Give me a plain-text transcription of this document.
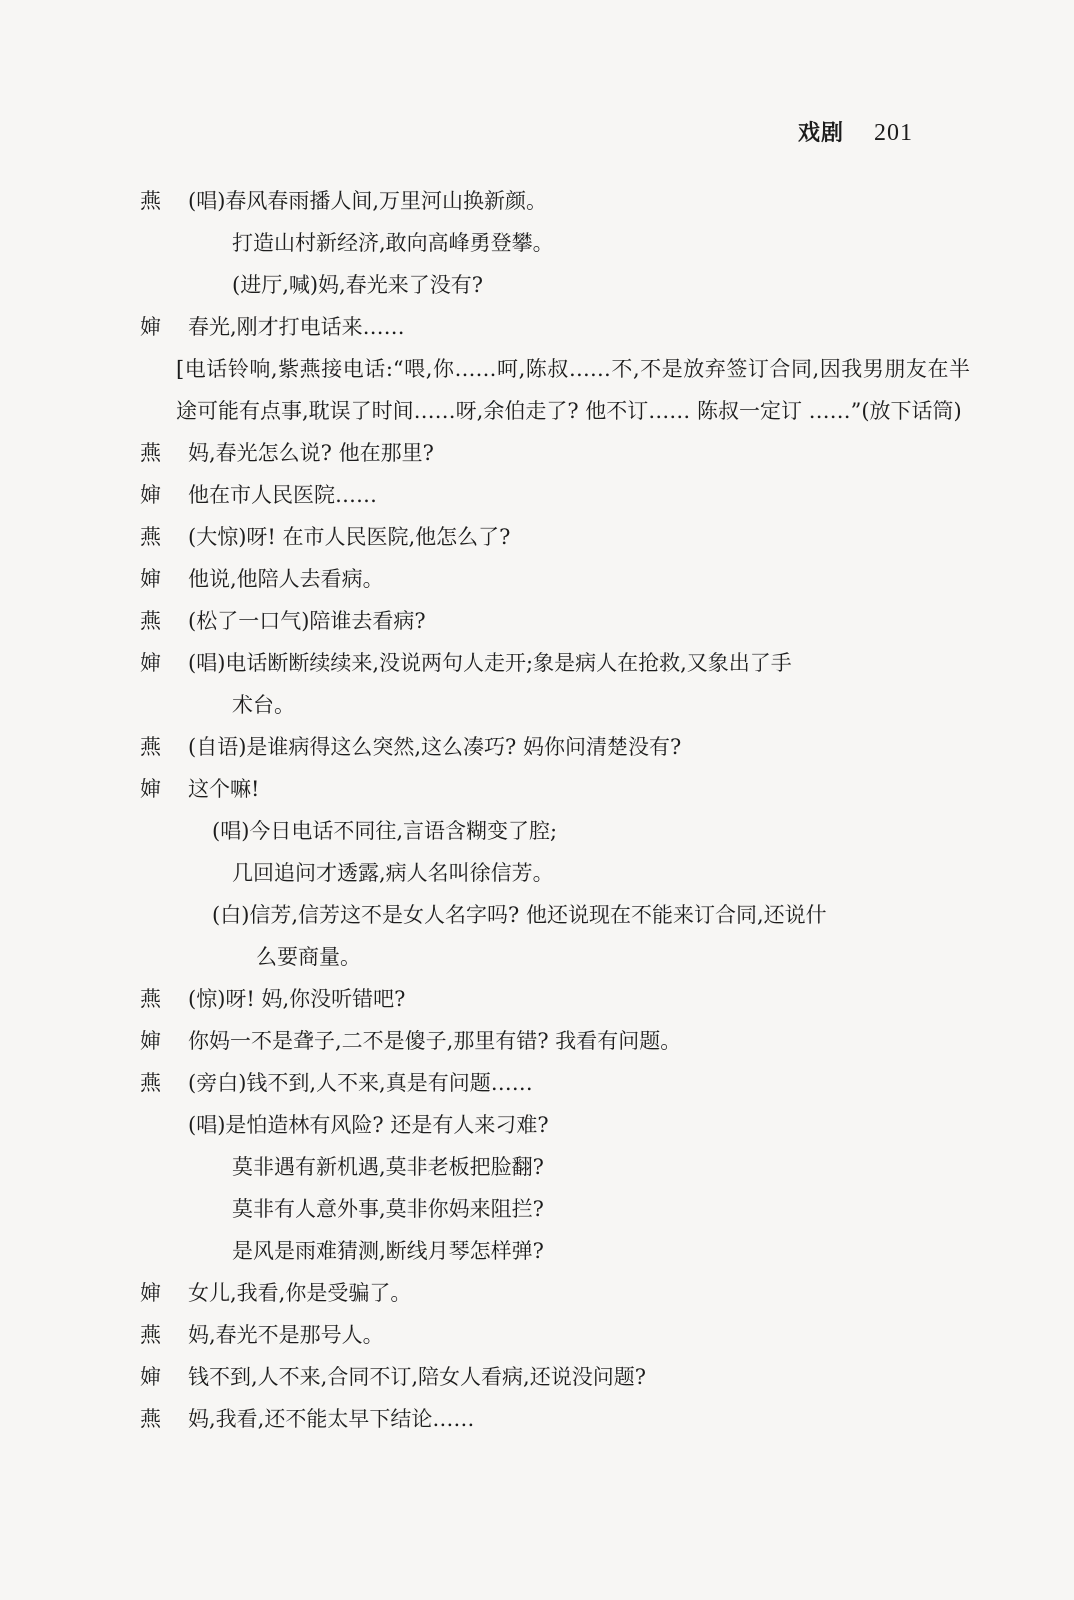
戏剧 201
燕	(唱)春风春雨播人间,万里河山换新颜。
打造山村新经济,敢向高峰勇登攀。
(进厅,喊)妈,春光来了没有?
婶	春光,刚才打电话来……
[电话铃响,紫燕接电话:“喂,你……呵,陈叔……不,不是放弃签订合同,因我男朋友在半途可能有点事,耽误了时间……呀,余伯走了? 他不订…… 陈叔一定订 ……”(放下话筒)
燕	妈,春光怎么说? 他在那里?
婶	他在市人民医院……
燕	(大惊)呀! 在市人民医院,他怎么了?
婶	他说,他陪人去看病。
燕	(松了一口气)陪谁去看病?
婶	(唱)电话断断续续来,没说两句人走开;象是病人在抢救,又象出了手
术台。
燕	(自语)是谁病得这么突然,这么凑巧? 妈你问清楚没有?
婶	这个嘛!
(唱)今日电话不同往,言语含糊变了腔;
几回追问才透露,病人名叫徐信芳。
(白)信芳,信芳这不是女人名字吗? 他还说现在不能来订合同,还说什
么要商量。
燕	(惊)呀! 妈,你没听错吧?
婶	你妈一不是聋子,二不是傻子,那里有错? 我看有问题。
燕	(旁白)钱不到,人不来,真是有问题……
(唱)是怕造林有风险? 还是有人来刁难?
莫非遇有新机遇,莫非老板把脸翻?
莫非有人意外事,莫非你妈来阻拦?
是风是雨难猜测,断线月琴怎样弹?
婶	女儿,我看,你是受骗了。
燕	妈,春光不是那号人。
婶	钱不到,人不来,合同不订,陪女人看病,还说没问题?
燕	妈,我看,还不能太早下结论……
